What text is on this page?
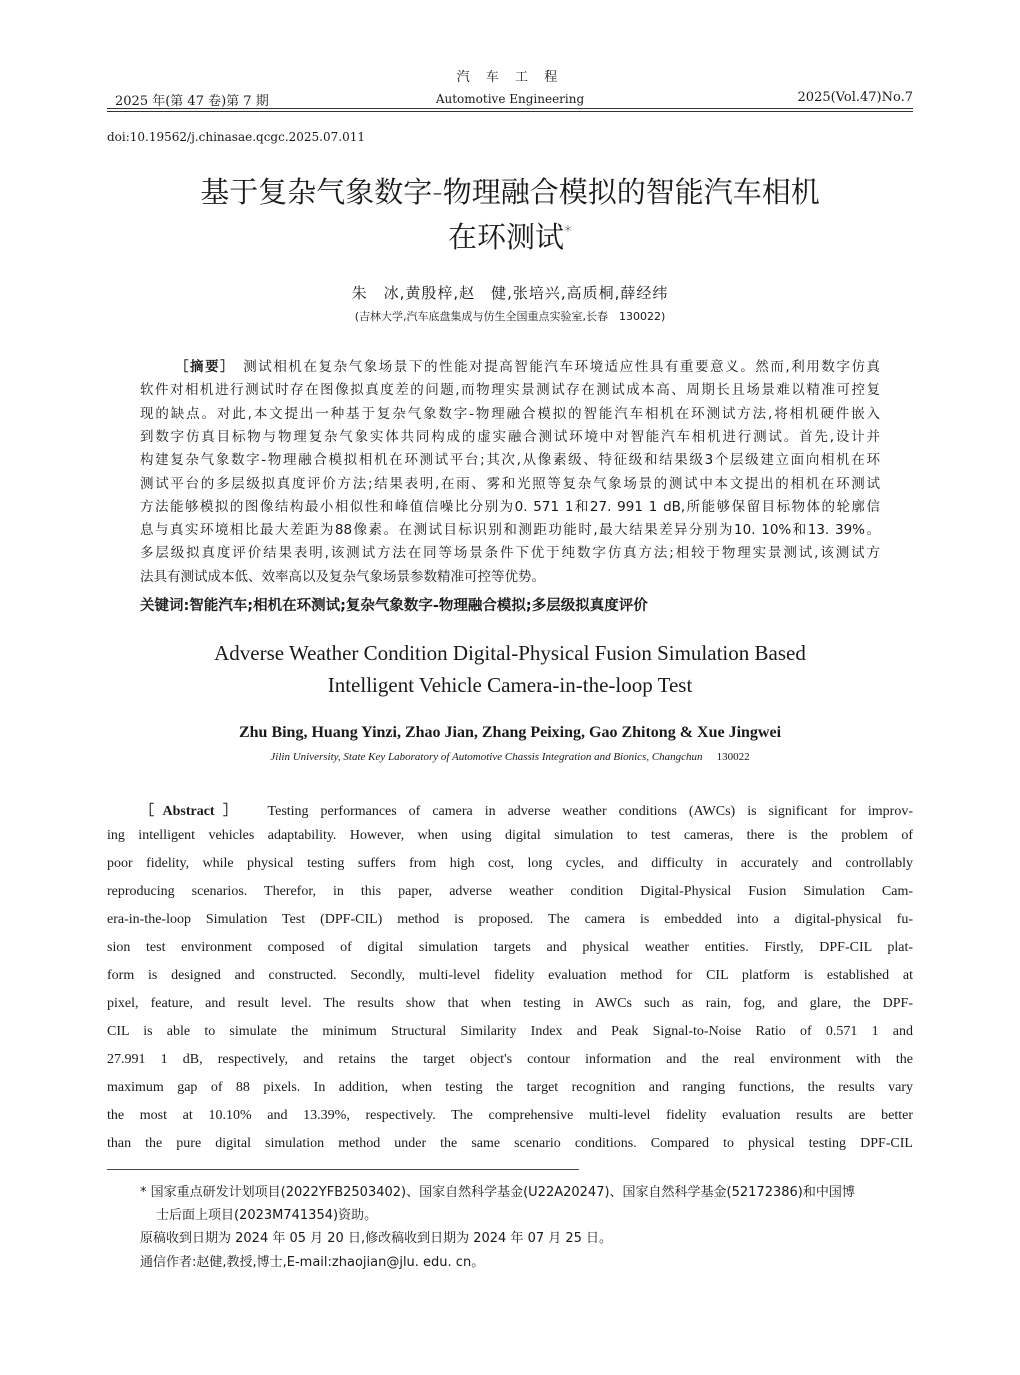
汽 车 工 程
2025 年(第 47 卷)第 7 期	Automotive Engineering	2025(Vol.47)No.7
doi:10.19562/j.chinasae.qcgc.2025.07.011
基于复杂气象数字-物理融合模拟的智能汽车相机
在环测试*
朱　冰,黄殷梓,赵　健,张培兴,高质桐,薛经纬
(吉林大学,汽车底盘集成与仿生全国重点实验室,长春　130022)
［摘要］ 测试相机在复杂气象场景下的性能对提高智能汽车环境适应性具有重要意义。然而,利用数字仿真
软件对相机进行测试时存在图像拟真度差的问题,而物理实景测试存在测试成本高、周期长且场景难以精准可控复
现的缺点。对此,本文提出一种基于复杂气象数字-物理融合模拟的智能汽车相机在环测试方法,将相机硬件嵌入
到数字仿真目标物与物理复杂气象实体共同构成的虚实融合测试环境中对智能汽车相机进行测试。首先,设计并
构建复杂气象数字-物理融合模拟相机在环测试平台;其次,从像素级、特征级和结果级3个层级建立面向相机在环
测试平台的多层级拟真度评价方法;结果表明,在雨、雾和光照等复杂气象场景的测试中本文提出的相机在环测试
方法能够模拟的图像结构最小相似性和峰值信噪比分别为0. 571 1和27. 991 1 dB,所能够保留目标物体的轮廓信
息与真实环境相比最大差距为88像素。在测试目标识别和测距功能时,最大结果差异分别为10. 10%和13. 39%。
多层级拟真度评价结果表明,该测试方法在同等场景条件下优于纯数字仿真方法;相较于物理实景测试,该测试方
法具有测试成本低、效率高以及复杂气象场景参数精准可控等优势。
关键词:智能汽车;相机在环测试;复杂气象数字-物理融合模拟;多层级拟真度评价
Adverse Weather Condition Digital-Physical Fusion Simulation Based
Intelligent Vehicle Camera-in-the-loop Test
Zhu Bing, Huang Yinzi, Zhao Jian, Zhang Peixing, Gao Zhitong & Xue Jingwei
Jilin University, State Key Laboratory of Automotive Chassis Integration and Bionics, Changchun 130022
［Abstract］ Testing performances of camera in adverse weather conditions (AWCs) is significant for improv-
ing intelligent vehicles adaptability. However, when using digital simulation to test cameras, there is the problem of
poor fidelity, while physical testing suffers from high cost, long cycles, and difficulty in accurately and controllably
reproducing scenarios. Therefor, in this paper, adverse weather condition Digital-Physical Fusion Simulation Cam-
era-in-the-loop Simulation Test (DPF-CIL) method is proposed. The camera is embedded into a digital-physical fu-
sion test environment composed of digital simulation targets and physical weather entities. Firstly, DPF-CIL plat-
form is designed and constructed. Secondly, multi-level fidelity evaluation method for CIL platform is established at
pixel, feature, and result level. The results show that when testing in AWCs such as rain, fog, and glare, the DPF-
CIL is able to simulate the minimum Structural Similarity Index and Peak Signal-to-Noise Ratio of 0.571 1 and
27.991 1 dB, respectively, and retains the target object's contour information and the real environment with the
maximum gap of 88 pixels. In addition, when testing the target recognition and ranging functions, the results vary
the most at 10.10% and 13.39%, respectively. The comprehensive multi-level fidelity evaluation results are better
than the pure digital simulation method under the same scenario conditions. Compared to physical testing DPF-CIL
* 国家重点研发计划项目(2022YFB2503402)、国家自然科学基金(U22A20247)、国家自然科学基金(52172386)和中国博
士后面上项目(2023M741354)资助。
原稿收到日期为 2024 年 05 月 20 日,修改稿收到日期为 2024 年 07 月 25 日。
通信作者:赵健,教授,博士,E-mail:zhaojian@jlu. edu. cn。
